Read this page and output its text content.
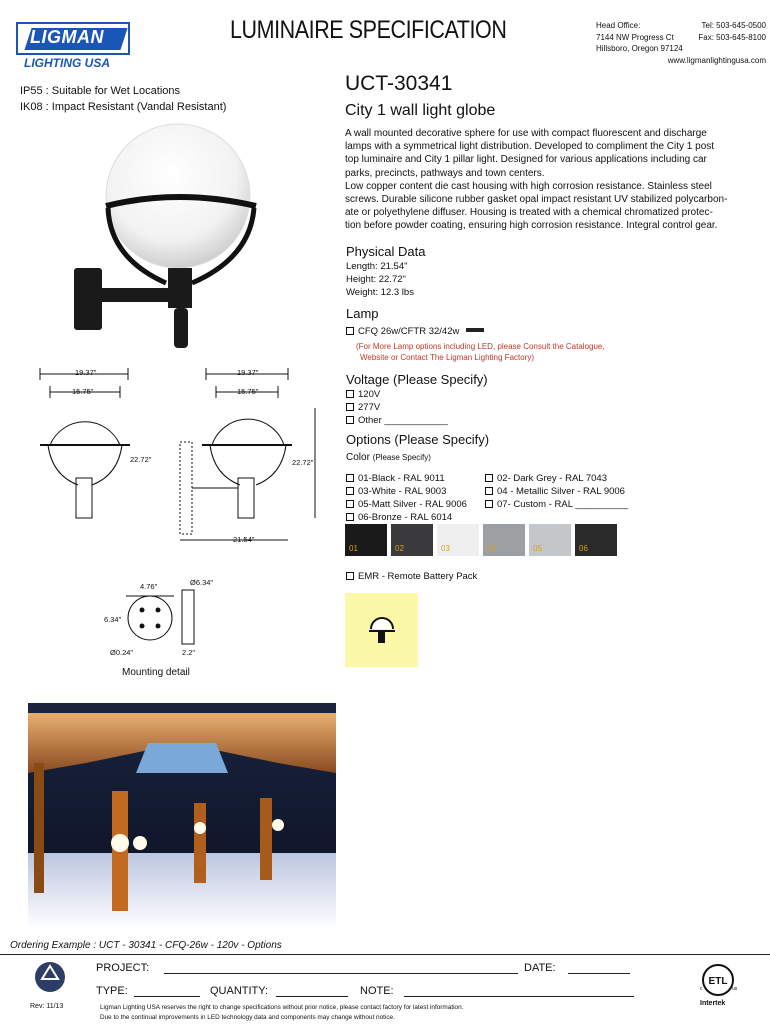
LIGMAN
LIGHTING USA
LUMINAIRE SPECIFICATION	Head Office:	Tel: 503-645-0500
7144 NW Progress Ct	Fax: 503-645-8100
Hillsboro, Oregon 97124
www.ligmanlightingusa.com
IP55 : Suitable for Wet Locations
IK08 : Impact Resistant (Vandal Resistant)
UCT-30341
City 1 wall light globe
A wall mounted decorative sphere for use with compact fluorescent and discharge
lamps with a symmetrical light distribution. Developed to compliment the City 1 post
top luminaire and City 1 pillar light. Designed for various applications including car
parks, precincts, pathways and town centers.
Low copper content die cast housing with high corrosion resistance. Stainless steel
screws. Durable silicone rubber gasket opal impact resistant UV stabilized polycarbon-
ate or polyethylene diffuser. Housing is treated with a chemical chromatized protec-
tion before powder coating, ensuring high corrosion resistance. Integral control gear.
Physical Data
Length: 21.54"
Height: 22.72"
Weight: 12.3 lbs
Lamp
CFQ 26w/CFTR 32/42w
(For More Lamp options including LED, please Consult the Catalogue,
Website or Contact The Ligman Lighting Factory)
Voltage (Please Specify)
120V
277V
Other ____________
Options (Please Specify)
Color (Please Specify)
01-Black - RAL 9011
03-White - RAL 9003
05-Matt Silver - RAL 9006
06-Bronze - RAL 6014
02- Dark Grey - RAL 7043
04 - Metallic Silver - RAL 9006
07- Custom - RAL __________
01	02	03	04	05	06
EMR - Remote Battery Pack
19.37"
15.75"
19.37"
15.75"
22.72"	22.72"
21.54"
4.76"	Ø6.34"
6.34"
Ø0.24"	2.2"
Mounting detail
Ordering Example : UCT - 30341 - CFQ-26w - 120v - Options
PROJECT:	DATE:
TYPE:	QUANTITY:	NOTE:
Rev: 11/13	Ligman Lighting USA reserves the right to change specifications without prior notice, please contact factory for latest information.
Due to the continual improvements in LED technology data and components may change without notice.
ETL
c	us
Intertek
